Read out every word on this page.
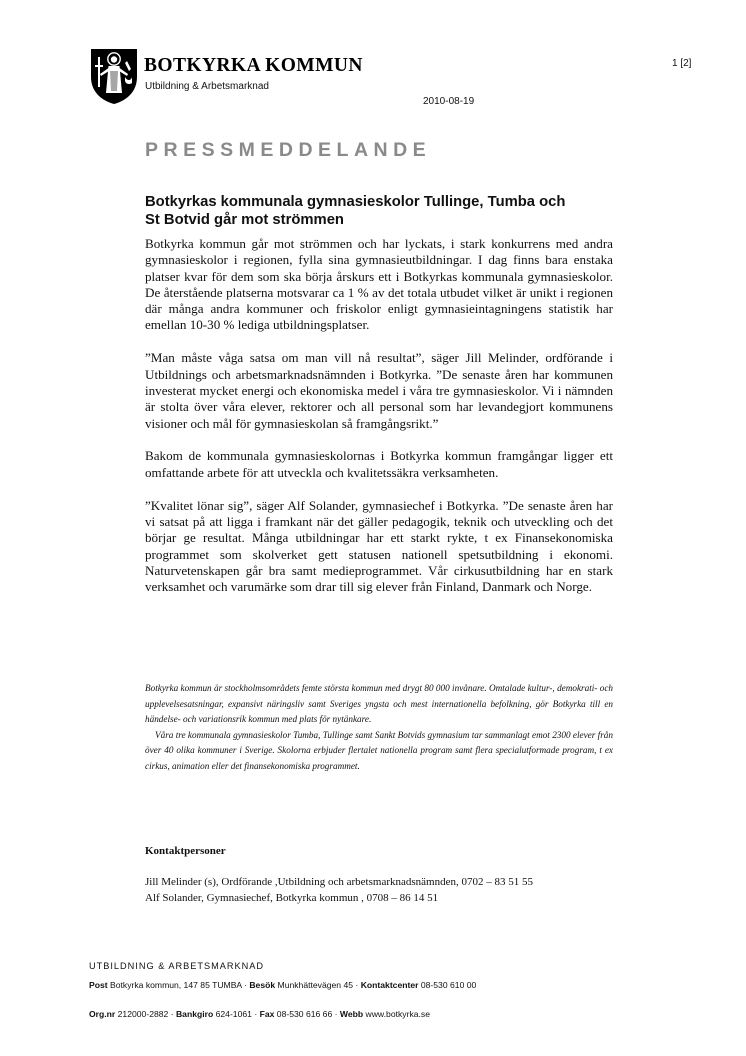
BOTKYRKA KOMMUN
Utbildning & Arbetsmarknad
1 [2]
2010-08-19
PRESSMEDDELANDE
Botkyrkas kommunala gymnasieskolor Tullinge, Tumba och
St Botvid går mot strömmen

Botkyrka kommun går mot strömmen och har lyckats, i stark konkurrens med andra gymnasieskolor i regionen, fylla sina gymnasieutbildningar. I dag finns bara enstaka platser kvar för dem som ska börja årskurs ett i Botkyrkas kommunala gymnasieskolor. De återstående platserna motsvarar ca 1 % av det totala utbudet vilket är unikt i regionen där många andra kommuner och friskolor enligt gymnasieintagningens statistik har emellan 10-30 % lediga utbildningsplatser.

”Man måste våga satsa om man vill nå resultat”, säger Jill Melinder, ordförande i Utbildnings och arbetsmarknadsnämnden i Botkyrka. ”De senaste åren har kommunen investerat mycket energi och ekonomiska medel i våra tre gymnasieskolor. Vi i nämnden är stolta över våra elever, rektorer och all personal som har levandegjort kommunens visioner och mål för gymnasieskolan så framgångsrikt.”

Bakom de kommunala gymnasieskolornas i Botkyrka kommun framgångar ligger ett omfattande arbete för att utveckla och kvalitetssäkra verksamheten.

”Kvalitet lönar sig”, säger Alf Solander, gymnasiechef i Botkyrka. ”De senaste åren har vi satsat på att ligga i framkant när det gäller pedagogik, teknik och utveckling och det börjar ge resultat. Många utbildningar har ett starkt rykte, t ex Finansekonomiska programmet som skolverket gett statusen nationell spetsutbildning i ekonomi. Naturvetenskapen går bra samt medieprogrammet. Vår cirkusutbildning har en stark verksamhet och varumärke som drar till sig elever från Finland, Danmark och Norge.

Botkyrka kommun är stockholmsområdets femte största kommun med drygt 80 000 invånare. Omtalade kultur-, demokrati- och upplevelsesatsningar, expansivt näringsliv samt Sveriges yngsta och mest internationella befolkning, gör Botkyrka till en händelse- och variationsrik kommun med plats för nytänkare.

Våra tre kommunala gymnasieskolor Tumba, Tullinge samt Sankt Botvids gymnasium tar sammanlagt emot 2300 elever från över 40 olika kommuner i Sverige. Skolorna erbjuder flertalet nationella program samt flera specialutformade program, t ex cirkus, animation eller det finansekonomiska programmet.

Kontaktpersoner
Jill Melinder (s), Ordförande ,Utbildning och arbetsmarknadsnämnden, 0702 – 83 51 55
Alf Solander, Gymnasiechef, Botkyrka kommun , 0708 – 86 14 51
UTBILDNING & ARBETSMARKNAD
Post Botkyrka kommun, 147 85 TUMBA · Besök Munkhättevägen 45 · Kontaktcenter 08-530 610 00
Org.nr 212000-2882 · Bankgiro 624-1061 · Fax 08-530 616 66 · Webb www.botkyrka.se
